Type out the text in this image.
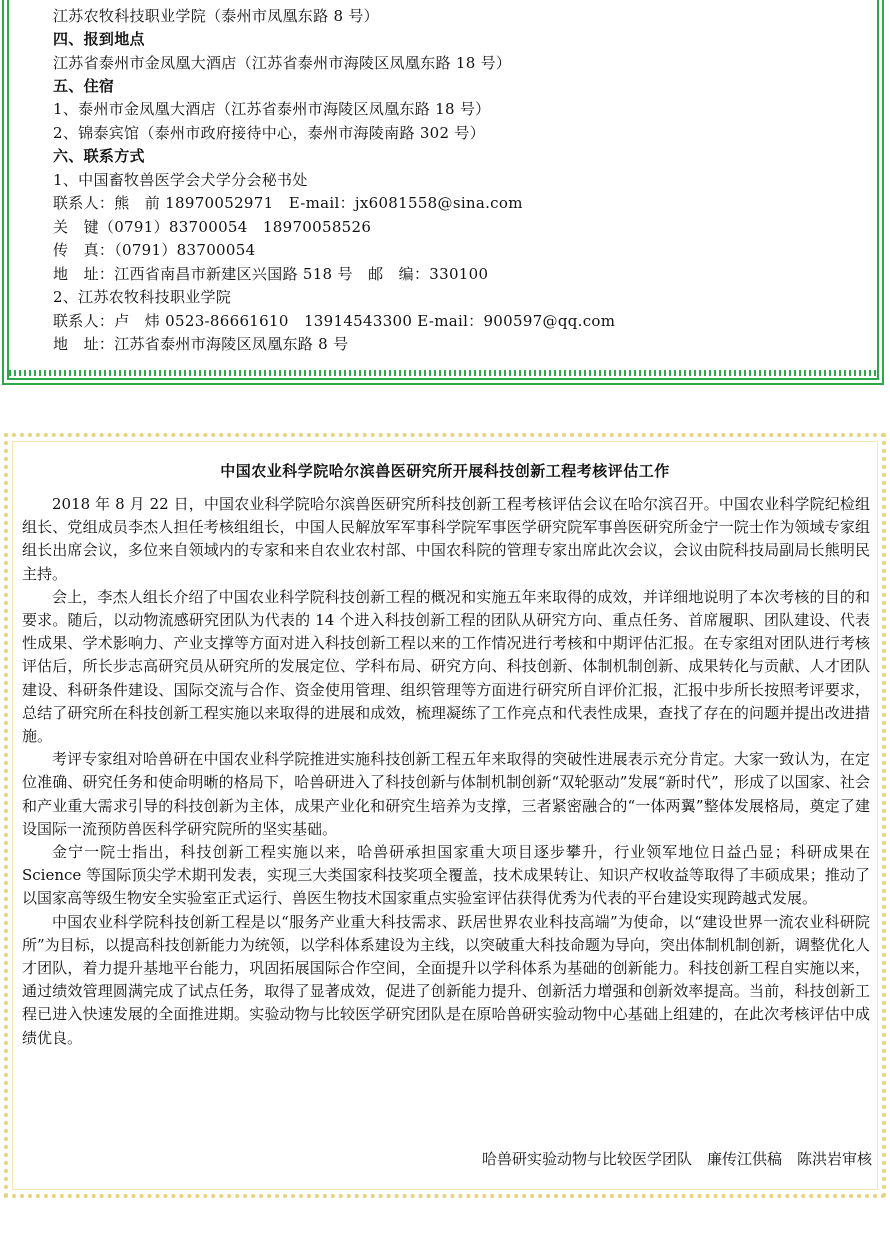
江苏农牧科技职业学院（泰州市凤凰东路 8 号）
四、报到地点
江苏省泰州市金凤凰大酒店（江苏省泰州市海陵区凤凰东路 18 号）
五、住宿
1、泰州市金凤凰大酒店（江苏省泰州市海陵区凤凰东路 18 号）
2、锦泰宾馆（泰州市政府接待中心，泰州市海陵南路 302 号）
六、联系方式
1、中国畜牧兽医学会犬学分会秘书处
联系人：熊　前 18970052971　E-mail：jx6081558@sina.com
关　键（0791）83700054　18970058526
传　真：（0791）83700054
地　址：江西省南昌市新建区兴国路 518 号　邮　编：330100
2、江苏农牧科技职业学院
联系人：卢　炜 0523-86661610　13914543300 E-mail：900597@qq.com
地　址：江苏省泰州市海陵区凤凰东路 8 号
中国农业科学院哈尔滨兽医研究所开展科技创新工程考核评估工作

2018 年 8 月 22 日，中国农业科学院哈尔滨兽医研究所科技创新工程考核评估会议在哈尔滨召开。中国农业科学院纪检组组长、党组成员李杰人担任考核组组长，中国人民解放军军事科学院军事医学研究院军事兽医研究所金宁一院士作为领域专家组组长出席会议，多位来自领域内的专家和来自农业农村部、中国农科院的管理专家出席此次会议，会议由院科技局副局长熊明民主持。

会上，李杰人组长介绍了中国农业科学院科技创新工程的概况和实施五年来取得的成效，并详细地说明了本次考核的目的和要求。随后，以动物流感研究团队为代表的 14 个进入科技创新工程的团队从研究方向、重点任务、首席履职、团队建设、代表性成果、学术影响力、产业支撑等方面对进入科技创新工程以来的工作情况进行考核和中期评估汇报。在专家组对团队进行考核评估后，所长步志高研究员从研究所的发展定位、学科布局、研究方向、科技创新、体制机制创新、成果转化与贡献、人才团队建设、科研条件建设、国际交流与合作、资金使用管理、组织管理等方面进行研究所自评价汇报，汇报中步所长按照考评要求，总结了研究所在科技创新工程实施以来取得的进展和成效，梳理凝练了工作亮点和代表性成果，查找了存在的问题并提出改进措施。

考评专家组对哈兽研在中国农业科学院推进实施科技创新工程五年来取得的突破性进展表示充分肯定。大家一致认为，在定位准确、研究任务和使命明晰的格局下，哈兽研进入了科技创新与体制机制创新“双轮驱动”发展“新时代”，形成了以国家、社会和产业重大需求引导的科技创新为主体，成果产业化和研究生培养为支撑，三者紧密融合的“一体两翼”整体发展格局，奠定了建设国际一流预防兽医科学研究院所的坚实基础。

金宁一院士指出，科技创新工程实施以来，哈兽研承担国家重大项目逐步攀升，行业领军地位日益凸显；科研成果在 Science 等国际顶尖学术期刊发表，实现三大类国家科技奖项全覆盖，技术成果转让、知识产权收益等取得了丰硕成果；推动了以国家高等级生物安全实验室正式运行、兽医生物技术国家重点实验室评估获得优秀为代表的平台建设实现跨越式发展。

中国农业科学院科技创新工程是以“服务产业重大科技需求、跃居世界农业科技高端”为使命，以“建设世界一流农业科研院所”为目标，以提高科技创新能力为统领，以学科体系建设为主线，以突破重大科技命题为导向，突出体制机制创新，调整优化人才团队，着力提升基地平台能力，巩固拓展国际合作空间，全面提升以学科体系为基础的创新能力。科技创新工程自实施以来，通过绩效管理圆满完成了试点任务，取得了显著成效，促进了创新能力提升、创新活力增强和创新效率提高。当前，科技创新工程已进入快速发展的全面推进期。实验动物与比较医学研究团队是在原哈兽研实验动物中心基础上组建的，在此次考核评估中成绩优良。

哈兽研实验动物与比较医学团队　廉传江供稿　陈洪岩审核
